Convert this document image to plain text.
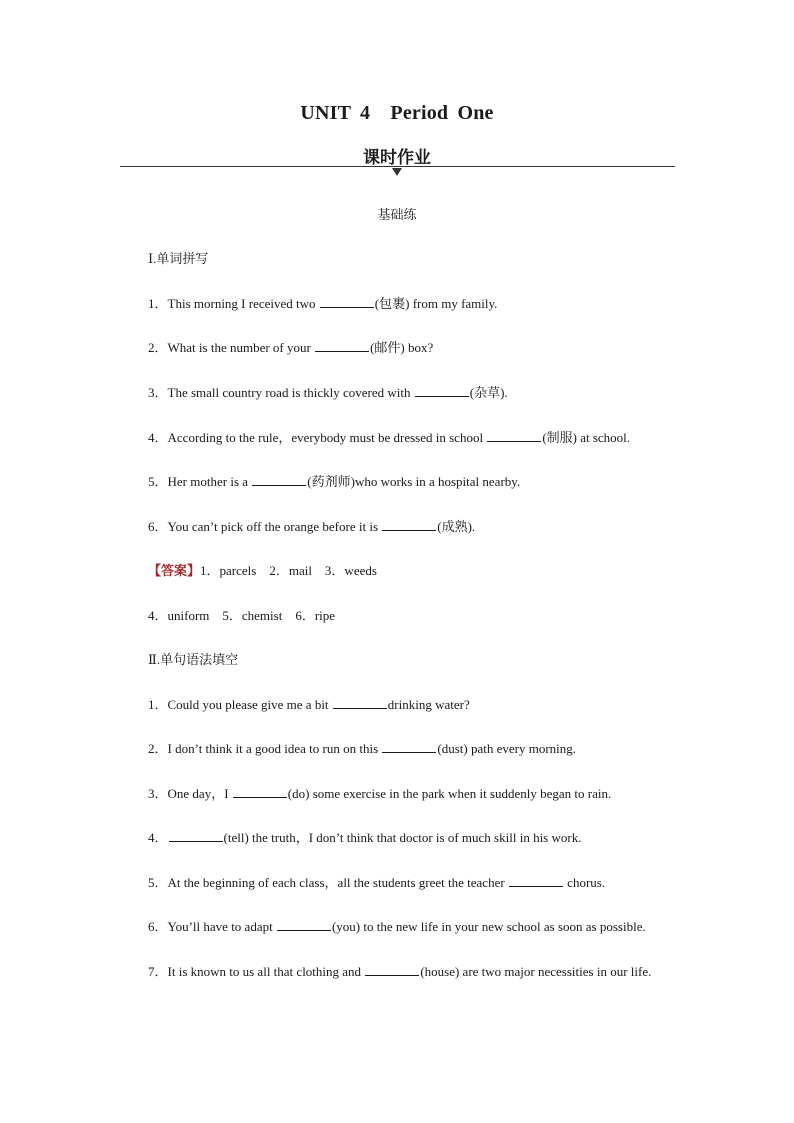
UNIT 4　Period One
课时作业
基础练
Ⅰ.单词拼写
1．This morning I received two	(包裹) from my family.
2．What is the number of your	(邮件) box?
3．The small country road is thickly covered with	(杂草).
4．According to the rule，everybody must be dressed in school	(制服) at school.
5．Her mother is a	(药剂师)who works in a hospital nearby.
6．You can’t pick off the orange before it is	(成熟).
【答案】1．parcels　2．mail　3．weeds
4．uniform　5．chemist　6．ripe
Ⅱ.单句语法填空
1．Could you please give me a bit	drinking water?
2．I don’t think it a good idea to run on this	(dust) path every morning.
3．One day，I	(do) some exercise in the park when it suddenly began to rain.
4．	(tell) the truth，I don’t think that doctor is of much skill in his work.
5．At the beginning of each class，all the students greet the teacher	chorus.
6．You’ll have to adapt	(you) to the new life in your new school as soon as possible.
7．It is known to us all that clothing and	(house) are two major necessities in our life.
